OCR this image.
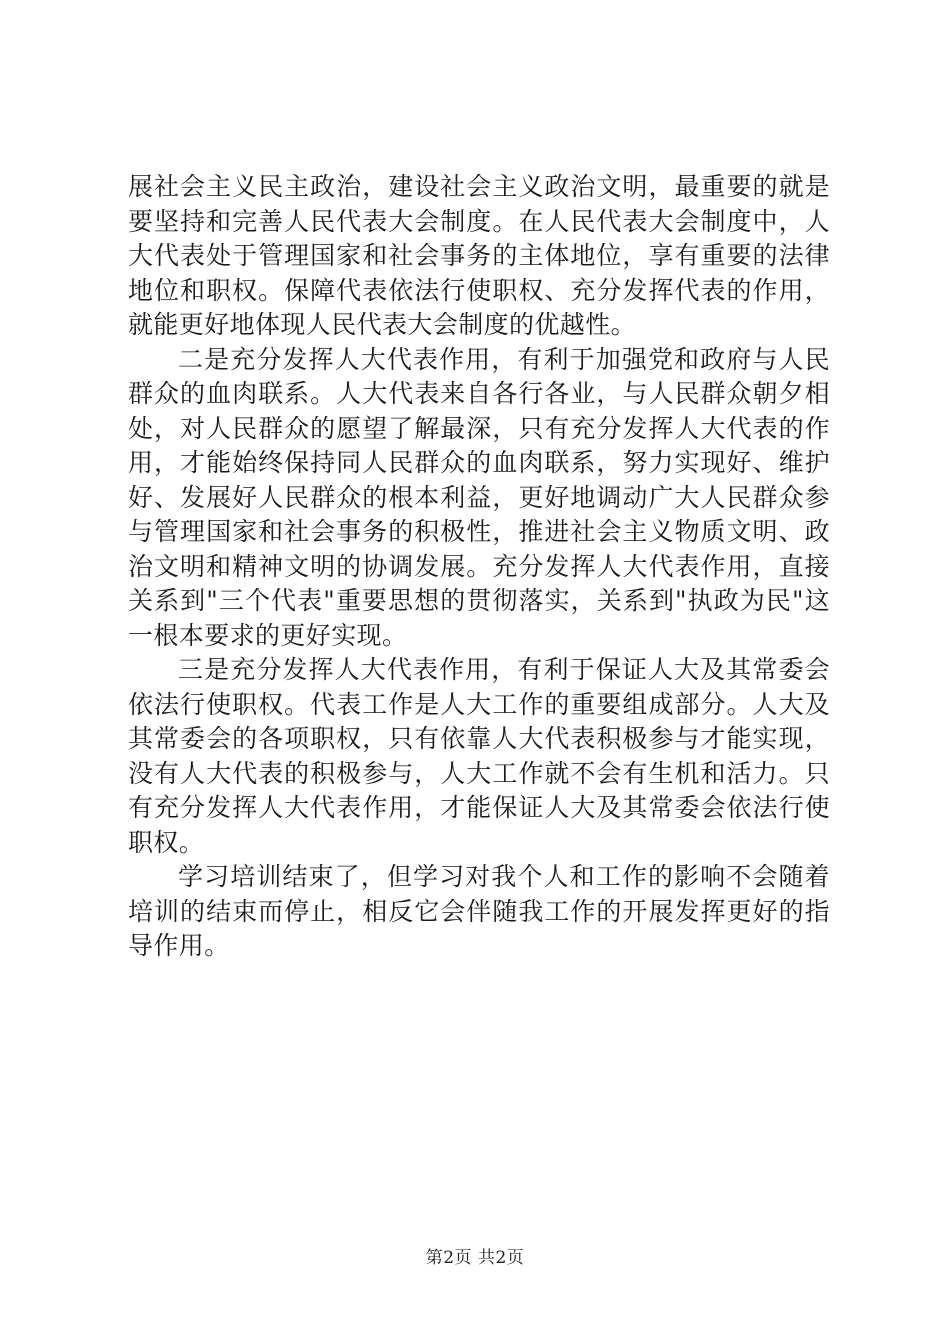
展社会主义民主政治，建设社会主义政治文明，最重要的就是
要坚持和完善人民代表大会制度。在人民代表大会制度中，人
大代表处于管理国家和社会事务的主体地位，享有重要的法律
地位和职权。保障代表依法行使职权、充分发挥代表的作用，
就能更好地体现人民代表大会制度的优越性。
二是充分发挥人大代表作用，有利于加强党和政府与人民
群众的血肉联系。人大代表来自各行各业，与人民群众朝夕相
处，对人民群众的愿望了解最深，只有充分发挥人大代表的作
用，才能始终保持同人民群众的血肉联系，努力实现好、维护
好、发展好人民群众的根本利益，更好地调动广大人民群众参
与管理国家和社会事务的积极性，推进社会主义物质文明、政
治文明和精神文明的协调发展。充分发挥人大代表作用，直接
关系到"三个代表"重要思想的贯彻落实，关系到"执政为民"这
一根本要求的更好实现。
三是充分发挥人大代表作用，有利于保证人大及其常委会
依法行使职权。代表工作是人大工作的重要组成部分。人大及
其常委会的各项职权，只有依靠人大代表积极参与才能实现，
没有人大代表的积极参与，人大工作就不会有生机和活力。只
有充分发挥人大代表作用，才能保证人大及其常委会依法行使
职权。
学习培训结束了，但学习对我个人和工作的影响不会随着
培训的结束而停止，相反它会伴随我工作的开展发挥更好的指
导作用。
第2页 共2页
